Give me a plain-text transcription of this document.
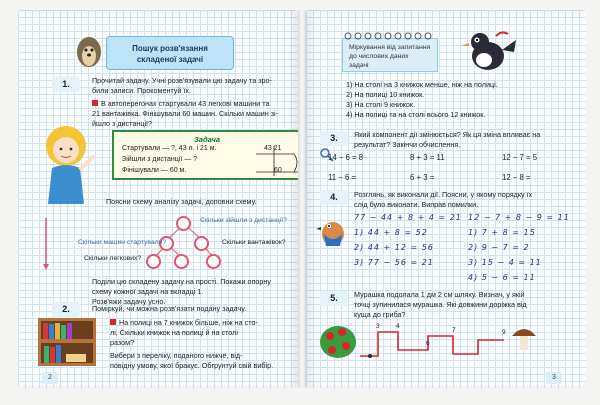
Пошук розв'язання
складеної задачі
1.	Прочитай задачу. Учні розв'язували цю задачу та зро-
били записи. Прокоментуй їх.
В автоперегонах стартували 43 легкові машини та
21 вантажівка. Фінішували 60 машин. Скільки машин зі-
йшло з дистанції?
Задача
Стартували — ?, 43 л. і 21 м.	43 21
Зійшли з дистанції — ?
Фінішували — 60 м.	60
Поясни схему аналізу задачі, доповни схему.
Скільки зійшли з дистанції?
Скільки машин стартували?
Скільки легкових?
Скільки вантажівок?
Поділи цю складену задачу на прості. Покажи опорну
схему кожної задачі на вкладці 1.
Розв'яжи задачу усно.
2.	Поміркуй, чи можна розв'язати подану задачу.
На полиці на 7 книжок більше, ніж на сто-
лі. Скільки книжок на полиці й на столі
разом?
Вибери з переліку, поданого нижче, від-
повідну умову, якої бракує. Обгрунтуй свій вибір.
2
Міркування від запитання
до числових даних
задачі
1) На столі на 3 книжок менше, ніж на полиці.
2) На полиці 10 книжок.
3) На столі 9 книжок.
4) На полиці та на столі всього 12 книжок.
3.	Який компонент дії змінюється? Як ця зміна впливає на
результат? Закінчи обчислення.
14 − 6 = 8
11 − 6 =
8 + 3 = 11
6 + 3 =
12 − 7 = 5
12 − 8 =
4.	Розглянь, як виконали дії. Поясни, у якому порядку їх
слід було виконати. Виправ помилки.
77 − 44 + 8 + 4 = 21
1) 44 + 8 = 52
2) 44 + 12 = 56
3) 77 − 56 = 21
12 − 7 + 8 − 9 = 11
1) 7 + 8 = 15
2) 9 − 7 = 2
3) 15 − 4 = 11
4) 5 − 6 = 11
5.	Мурашка подолала 1 дм 2 см шляху. Визнач, у якій
точці зупинилася мурашка. Які довжини доріжка від
куща до гриба?
3	4
6
7	9
3
